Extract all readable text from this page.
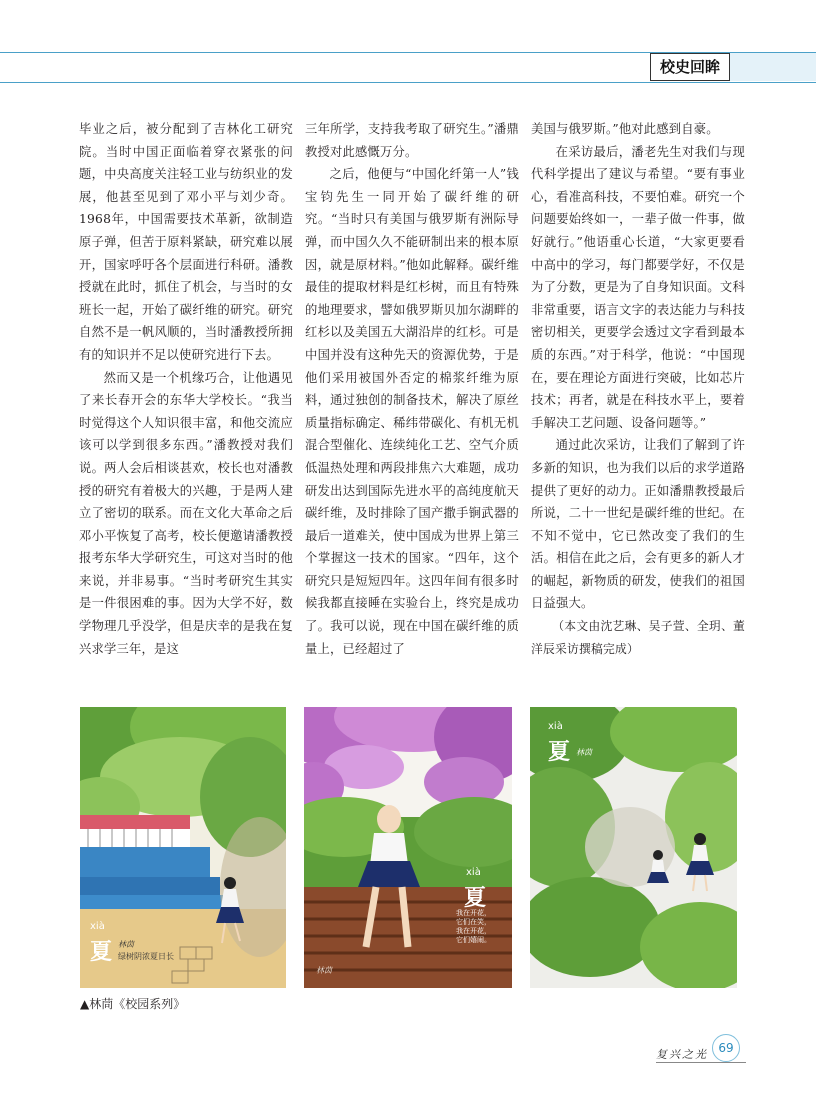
校史回眸

毕业之后，被分配到了吉林化工研究院。当时中国正面临着穿衣紧张的问题，中央高度关注轻工业与纺织业的发展，他甚至见到了邓小平与刘少奇。1968年，中国需要技术革新，欲制造原子弹，但苦于原料紧缺，研究难以展开，国家呼吁各个层面进行科研。潘教授就在此时，抓住了机会，与当时的女班长一起，开始了碳纤维的研究。研究自然不是一帆风顺的，当时潘教授所拥有的知识并不足以使研究进行下去。

然而又是一个机缘巧合，让他遇见了来长春开会的东华大学校长。“我当时觉得这个人知识很丰富，和他交流应该可以学到很多东西。”潘教授对我们说。两人会后相谈甚欢，校长也对潘教授的研究有着极大的兴趣，于是两人建立了密切的联系。而在文化大革命之后邓小平恢复了高考，校长便邀请潘教授报考东华大学研究生，可这对当时的他来说，并非易事。“当时考研究生其实是一件很困难的事。因为大学不好，数学物理几乎没学，但是庆幸的是我在复兴求学三年，是这

三年所学，支持我考取了研究生。”潘鼎教授对此感慨万分。

之后，他便与“中国化纤第一人”钱宝钧先生一同开始了碳纤维的研究。“当时只有美国与俄罗斯有洲际导弹，而中国久久不能研制出来的根本原因，就是原材料。”他如此解释。碳纤维最佳的提取材料是红杉树，而且有特殊的地理要求，譬如俄罗斯贝加尔湖畔的红杉以及美国五大湖沿岸的红杉。可是中国并没有这种先天的资源优势，于是他们采用被国外否定的棉浆纤维为原料，通过独创的制备技术，解决了原丝质量指标确定、稀纬带碳化、有机无机混合型催化、连续纯化工艺、空气介质低温热处理和两段排焦六大难题，成功研发出达到国际先进水平的高纯度航天碳纤维，及时排除了国产撒手锏武器的最后一道难关，使中国成为世界上第三个掌握这一技术的国家。“四年，这个研究只是短短四年。这四年间有很多时候我都直接睡在实验台上，终究是成功了。我可以说，现在中国在碳纤维的质量上，已经超过了

美国与俄罗斯。”他对此感到自豪。

在采访最后，潘老先生对我们与现代科学提出了建议与希望。“要有事业心，看准高科技，不要怕难。研究一个问题要始终如一，一辈子做一件事，做好就行。”他语重心长道，“大家更要看中高中的学习，每门都要学好，不仅是为了分数，更是为了自身知识面。文科非常重要，语言文字的表达能力与科技密切相关，更要学会透过文字看到最本质的东西。”对于科学，他说：“中国现在，要在理论方面进行突破，比如芯片技术；再者，就是在科技水平上，要着手解决工艺问题、设备问题等。”

通过此次采访，让我们了解到了许多新的知识，也为我们以后的求学道路提供了更好的动力。正如潘鼎教授最后所说，二十一世纪是碳纤维的世纪。在不知不觉中，它已然改变了我们的生活。相信在此之后，会有更多的新人才的崛起，新物质的研发，使我们的祖国日益强大。

（本文由沈艺琳、吴子萱、全玥、董洋辰采访撰稿完成）

xià
夏 林茵
绿树阴浓夏日长
xià
夏
我在开花，
它们在笑，
我在开花，
它们嬉闹。
林茵
xià
夏 林茵
▲林茼《校园系列》
复兴之光 69
